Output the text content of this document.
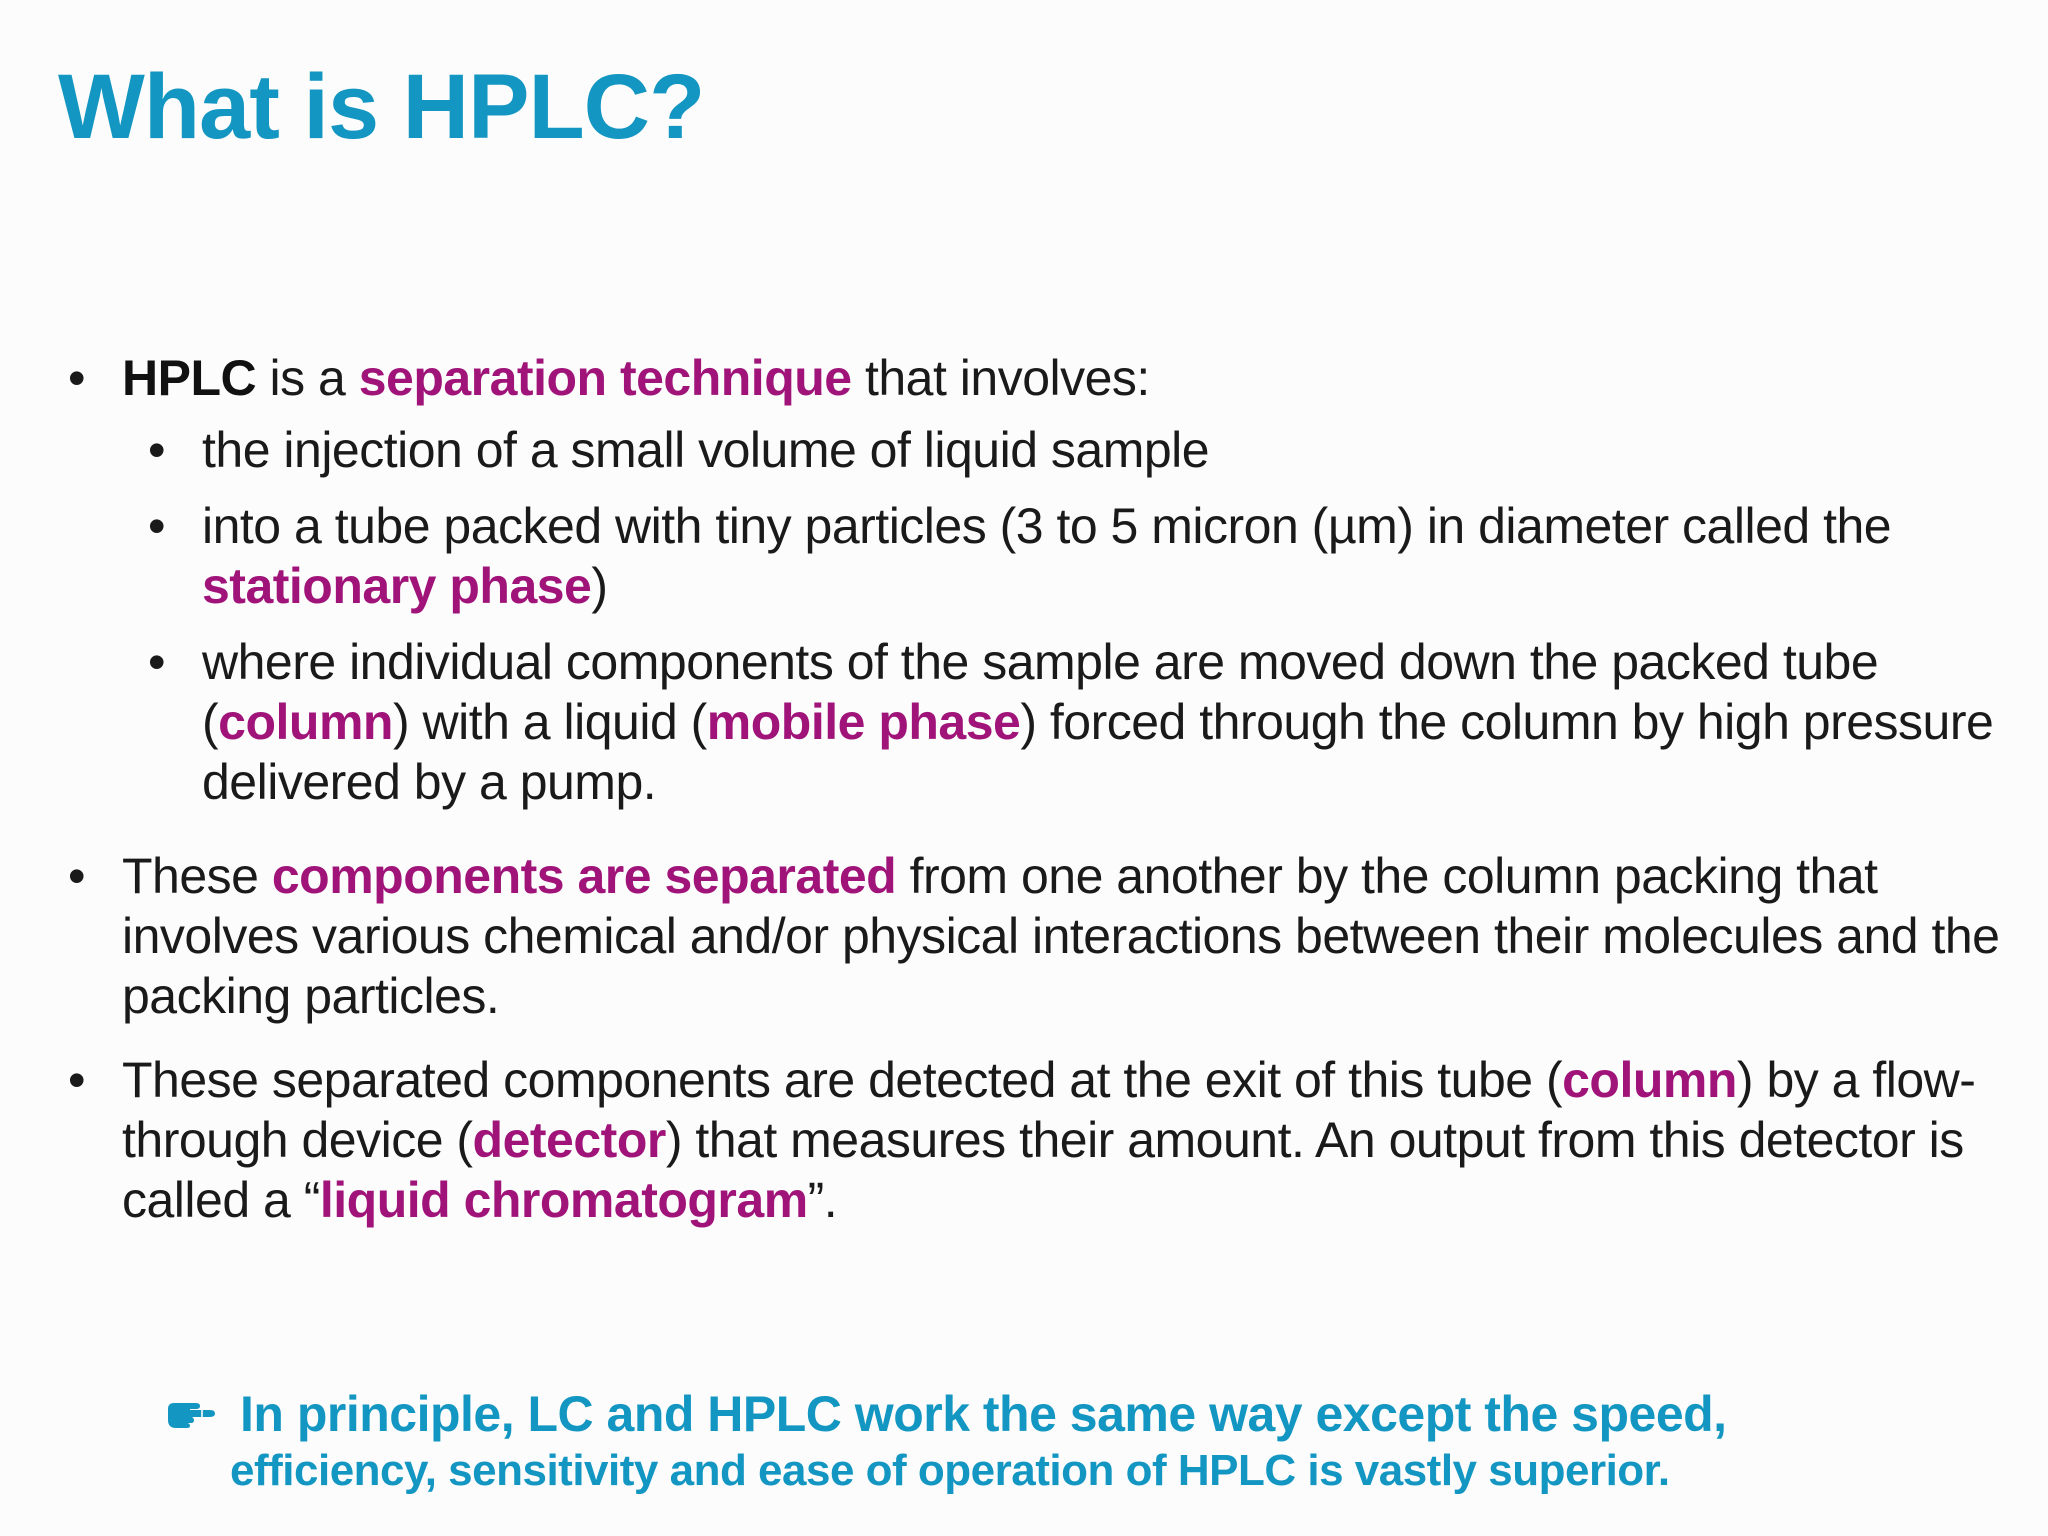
What is HPLC?
• HPLC is a separation technique that involves:
• the injection of a small volume of liquid sample
• into a tube packed with tiny particles (3 to 5 micron (µm) in diameter called the stationary phase)
• where individual components of the sample are moved down the packed tube (column) with a liquid (mobile phase) forced through the column by high pressure delivered by a pump.
• These components are separated from one another by the column packing that involves various chemical and/or physical interactions between their molecules and the packing particles.
• These separated components are detected at the exit of this tube (column) by a flow-through device (detector) that measures their amount. An output from this detector is called a “liquid chromatogram”.
In principle, LC and HPLC work the same way except the speed,
efficiency, sensitivity and ease of operation of HPLC is vastly superior.
